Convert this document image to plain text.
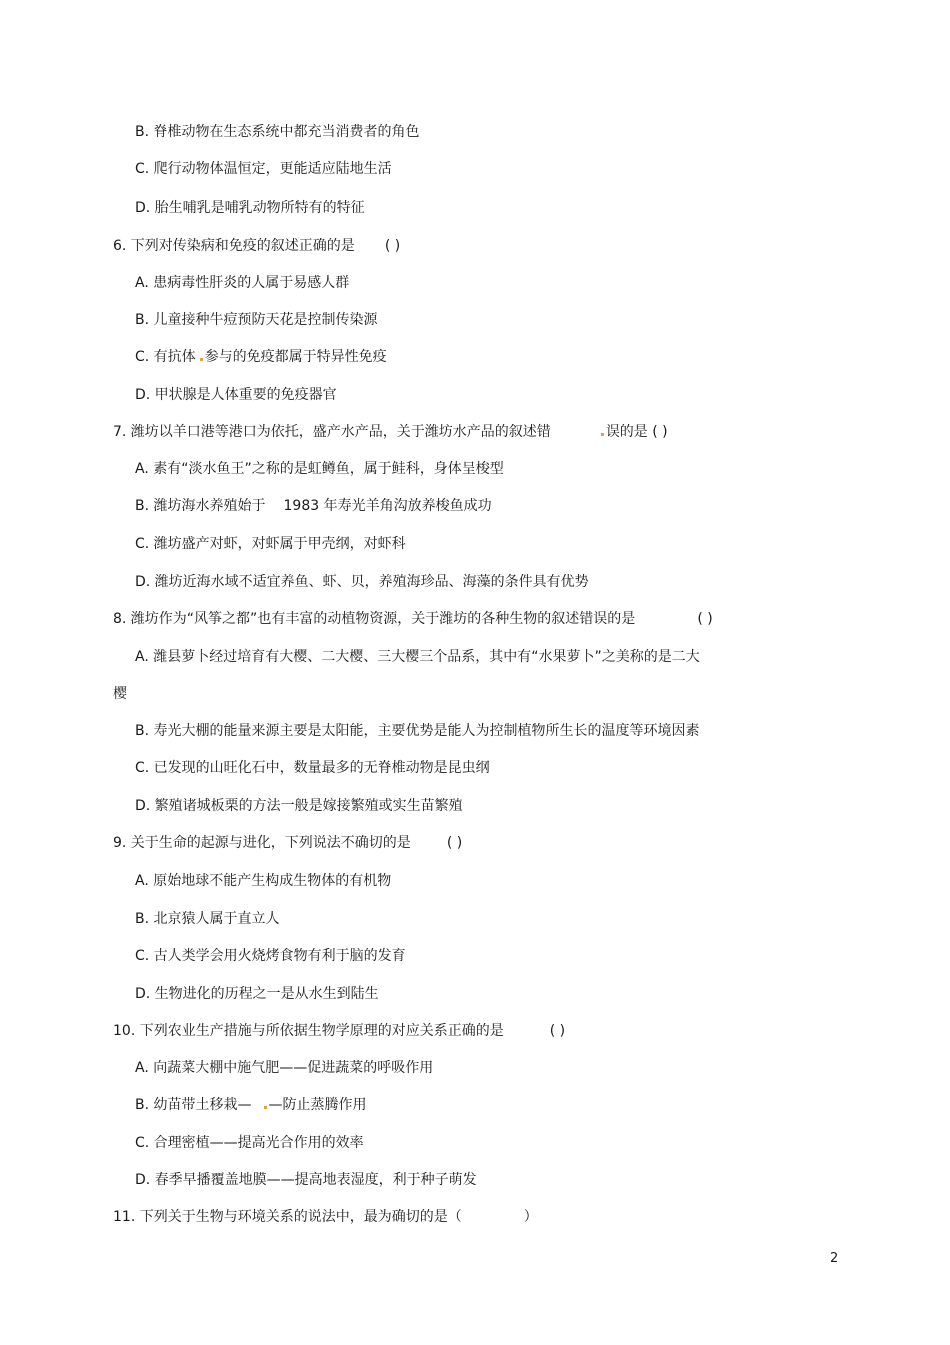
B. 脊椎动物在生态系统中都充当消费者的角色
C. 爬行动物体温恒定，更能适应陆地生活
D. 胎生哺乳是哺乳动物所特有的特征
6. 下列对传染病和免疫的叙述正确的是 ( )
A. 患病毒性肝炎的人属于易感人群
B. 儿童接种牛痘预防天花是控制传染源
C. 有抗体 参与的免疫都属于特异性免疫
D. 甲状腺是人体重要的免疫器官
7. 潍坊以羊口港等港口为依托，盛产水产品，关于潍坊水产品的叙述错	误的是 ( )
A. 素有“淡水鱼王”之称的是虹鳟鱼，属于鲑科，身体呈梭型
B. 潍坊海水养殖始于 1983 年寿光羊角沟放养梭鱼成功
C. 潍坊盛产对虾，对虾属于甲壳纲，对虾科
D. 潍坊近海水域不适宜养鱼、虾、贝，养殖海珍品、海藻的条件具有优势
8. 潍坊作为“风筝之都”也有丰富的动植物资源，关于潍坊的各种生物的叙述错误的是	( )
A. 潍县萝卜经过培育有大樱、二大樱、三大樱三个品系，其中有“水果萝卜”之美称的是二大
樱
B. 寿光大棚的能量来源主要是太阳能，主要优势是能人为控制植物所生长的温度等环境因素
C. 已发现的山旺化石中，数量最多的无脊椎动物是昆虫纲
D. 繁殖诸城板栗的方法一般是嫁接繁殖或实生苗繁殖
9. 关于生命的起源与进化，下列说法不确切的是	( )
A. 原始地球不能产生构成生物体的有机物
B. 北京猿人属于直立人
C. 古人类学会用火烧烤食物有利于脑的发育
D. 生物进化的历程之一是从水生到陆生
10. 下列农业生产措施与所依据生物学原理的对应关系正确的是	( )
A. 向蔬菜大棚中施气肥——促进蔬菜的呼吸作用
B. 幼苗带土移栽— —防止蒸腾作用
C. 合理密植——提高光合作用的效率
D. 春季早播覆盖地膜——提高地表湿度，利于种子萌发
11. 下列关于生物与环境关系的说法中，最为确切的是（	）
2
